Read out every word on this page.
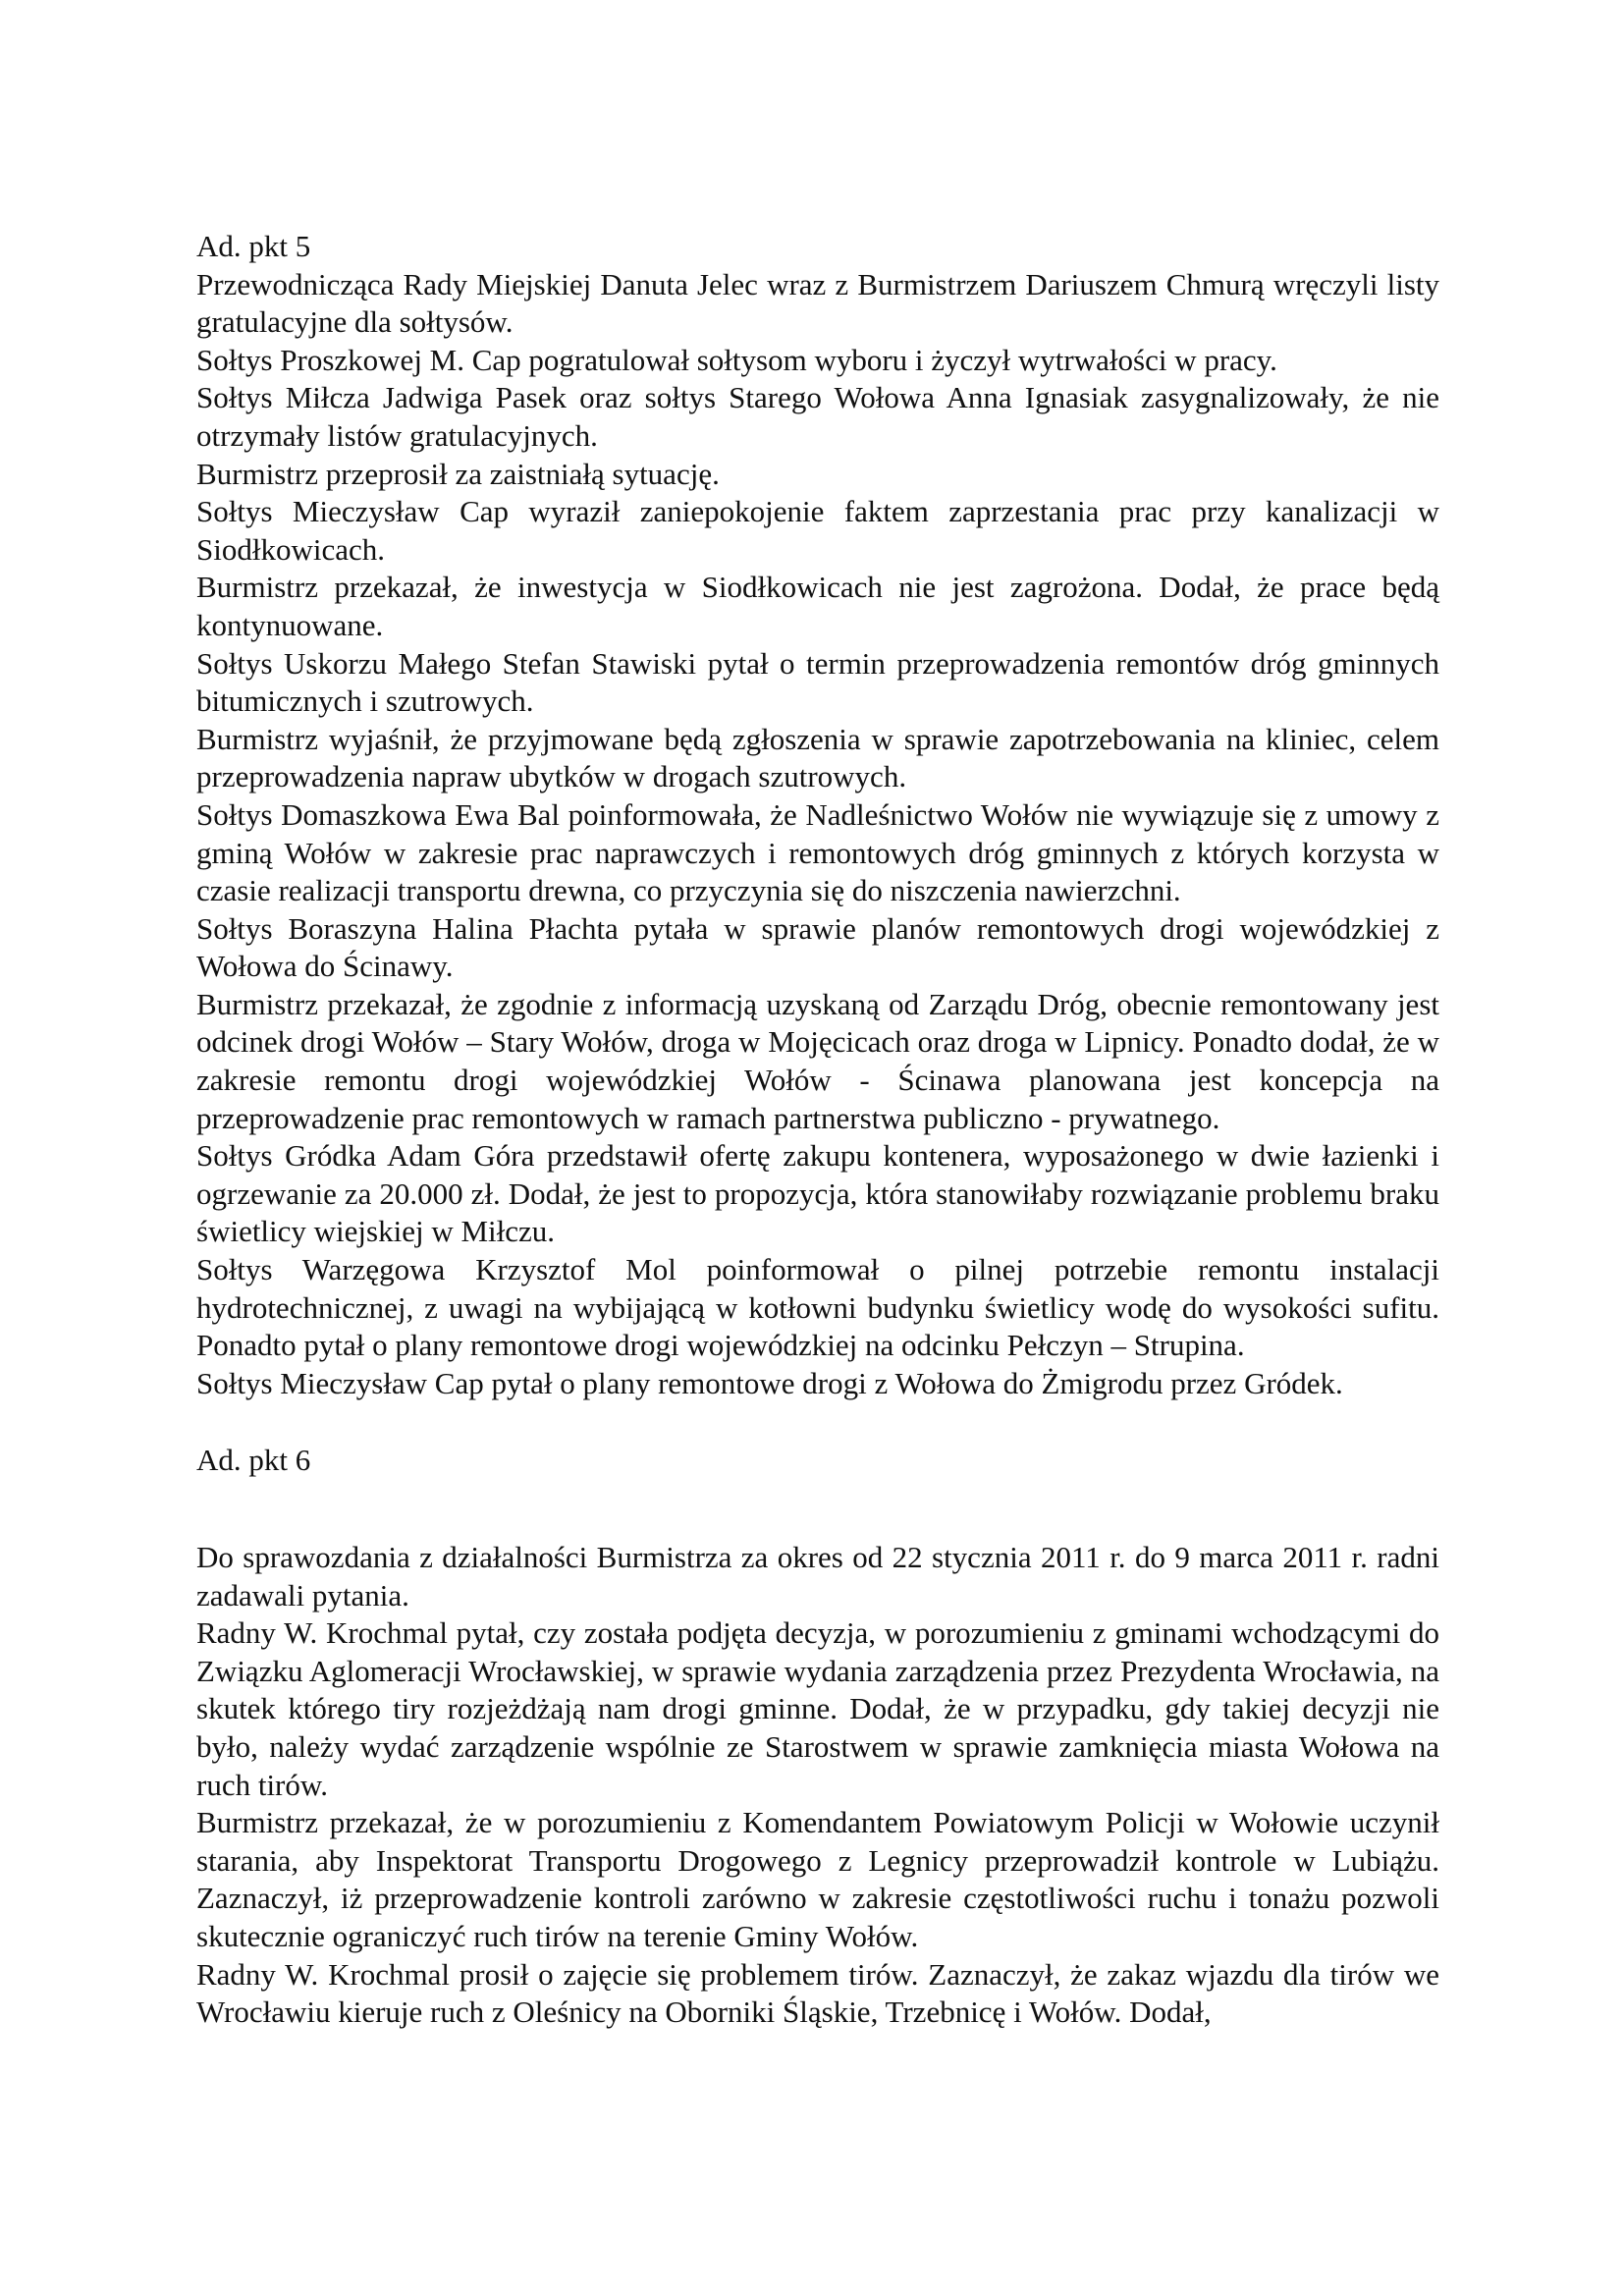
Ad. pkt 5

Przewodnicząca Rady Miejskiej Danuta Jelec wraz z Burmistrzem Dariuszem Chmurą wręczyli listy gratulacyjne dla sołtysów.

Sołtys Proszkowej M. Cap pogratulował sołtysom wyboru i życzył wytrwałości w pracy.

Sołtys Miłcza Jadwiga Pasek oraz sołtys Starego Wołowa Anna Ignasiak zasygnalizowały, że nie otrzymały listów gratulacyjnych.

Burmistrz przeprosił za zaistniałą sytuację.

Sołtys Mieczysław Cap wyraził zaniepokojenie faktem zaprzestania prac przy kanalizacji w Siodłkowicach.

Burmistrz przekazał, że inwestycja w Siodłkowicach nie jest zagrożona. Dodał, że prace będą kontynuowane.

Sołtys Uskorzu Małego Stefan Stawiski pytał o termin przeprowadzenia remontów dróg gminnych bitumicznych i szutrowych.

Burmistrz wyjaśnił, że przyjmowane będą zgłoszenia w sprawie zapotrzebowania na kliniec, celem przeprowadzenia napraw ubytków w drogach szutrowych.

Sołtys Domaszkowa Ewa Bal poinformowała, że Nadleśnictwo Wołów nie wywiązuje się z umowy z gminą Wołów w zakresie prac naprawczych i remontowych dróg gminnych z których korzysta w czasie realizacji transportu drewna, co przyczynia się do niszczenia nawierzchni.

Sołtys Boraszyna Halina Płachta pytała w sprawie planów remontowych drogi wojewódzkiej z Wołowa do Ścinawy.

Burmistrz przekazał, że zgodnie z informacją uzyskaną od Zarządu Dróg, obecnie remontowany jest odcinek drogi Wołów – Stary Wołów, droga w Mojęcicach oraz droga w Lipnicy. Ponadto dodał, że w zakresie remontu drogi wojewódzkiej Wołów - Ścinawa planowana jest koncepcja na przeprowadzenie prac remontowych w ramach partnerstwa publiczno - prywatnego.

Sołtys Gródka Adam Góra przedstawił ofertę zakupu kontenera, wyposażonego w dwie łazienki i ogrzewanie za 20.000 zł. Dodał, że jest to propozycja, która stanowiłaby rozwiązanie problemu braku świetlicy wiejskiej w Miłczu.

Sołtys Warzęgowa Krzysztof Mol poinformował o pilnej potrzebie remontu instalacji hydrotechnicznej, z uwagi na wybijającą w kotłowni budynku świetlicy wodę do wysokości sufitu. Ponadto pytał o plany remontowe drogi wojewódzkiej na odcinku Pełczyn – Strupina.

Sołtys Mieczysław Cap pytał o plany remontowe drogi z Wołowa do Żmigrodu przez Gródek.

Ad. pkt 6

Do sprawozdania z działalności Burmistrza za okres od 22 stycznia 2011 r. do 9 marca 2011 r. radni zadawali pytania.

Radny W. Krochmal pytał, czy została podjęta decyzja, w porozumieniu z gminami wchodzącymi do Związku Aglomeracji Wrocławskiej, w sprawie wydania zarządzenia przez Prezydenta Wrocławia, na skutek którego tiry rozjeżdżają nam drogi gminne. Dodał, że w przypadku, gdy takiej decyzji nie było, należy wydać zarządzenie wspólnie ze Starostwem w sprawie zamknięcia miasta Wołowa na ruch tirów.

Burmistrz przekazał, że w porozumieniu z Komendantem Powiatowym Policji w Wołowie uczynił starania, aby Inspektorat Transportu Drogowego z Legnicy przeprowadził kontrole w Lubiążu. Zaznaczył, iż przeprowadzenie kontroli zarówno w zakresie częstotliwości ruchu i tonażu pozwoli skutecznie ograniczyć ruch tirów na terenie Gminy Wołów.

Radny W. Krochmal prosił o zajęcie się problemem tirów. Zaznaczył, że zakaz wjazdu dla tirów we Wrocławiu kieruje ruch z Oleśnicy na Oborniki Śląskie, Trzebnicę i Wołów. Dodał,
